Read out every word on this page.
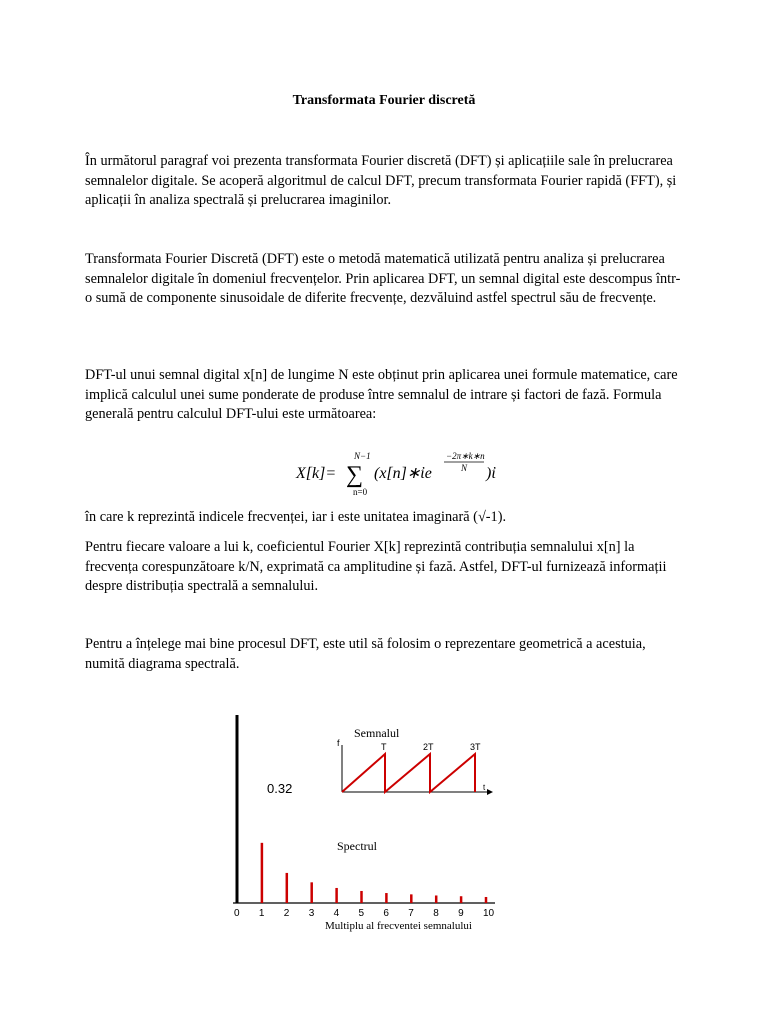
Transformata Fourier discretă

În următorul paragraf voi prezenta transformata Fourier discretă (DFT) și aplicațiile sale în prelucrarea semnalelor digitale. Se acoperă algoritmul de calcul DFT, precum transformata Fourier rapidă (FFT), și aplicații în analiza spectrală și prelucrarea imaginilor.

Transformata Fourier Discretă (DFT) este o metodă matematică utilizată pentru analiza și prelucrarea semnalelor digitale în domeniul frecvențelor. Prin aplicarea DFT, un semnal digital este descompus într-o sumă de componente sinusoidale de diferite frecvențe, dezvăluind astfel spectrul său de frecvențe.

DFT-ul unui semnal digital x[n] de lungime N este obținut prin aplicarea unei formule matematice, care implică calculul unei sume ponderate de produse între semnalul de intrare și factori de fază. Formula generală pentru calculul DFT-ului este următoarea:

X[k]=
N−1
∑
n=0
(x[n]∗ἰe
−2π∗k∗n
N )ἰ

în care k reprezintă indicele frecvenței, iar i este unitatea imaginară (√-1).

Pentru fiecare valoare a lui k, coeficientul Fourier X[k] reprezintă contribuția semnalului x[n] la frecvența corespunzătoare k/N, exprimată ca amplitudine și fază. Astfel, DFT-ul furnizează informații despre distribuția spectrală a semnalului.

Pentru a înțelege mai bine procesul DFT, este util să folosim o reprezentare geometrică a acestuia, numită diagrama spectrală.

f
t
Semnalul
T	2T	3T
0.32
Spectrul
Multiplu al frecventei semnalului
0 1 2 3 4 5 6 7 8 9 10
